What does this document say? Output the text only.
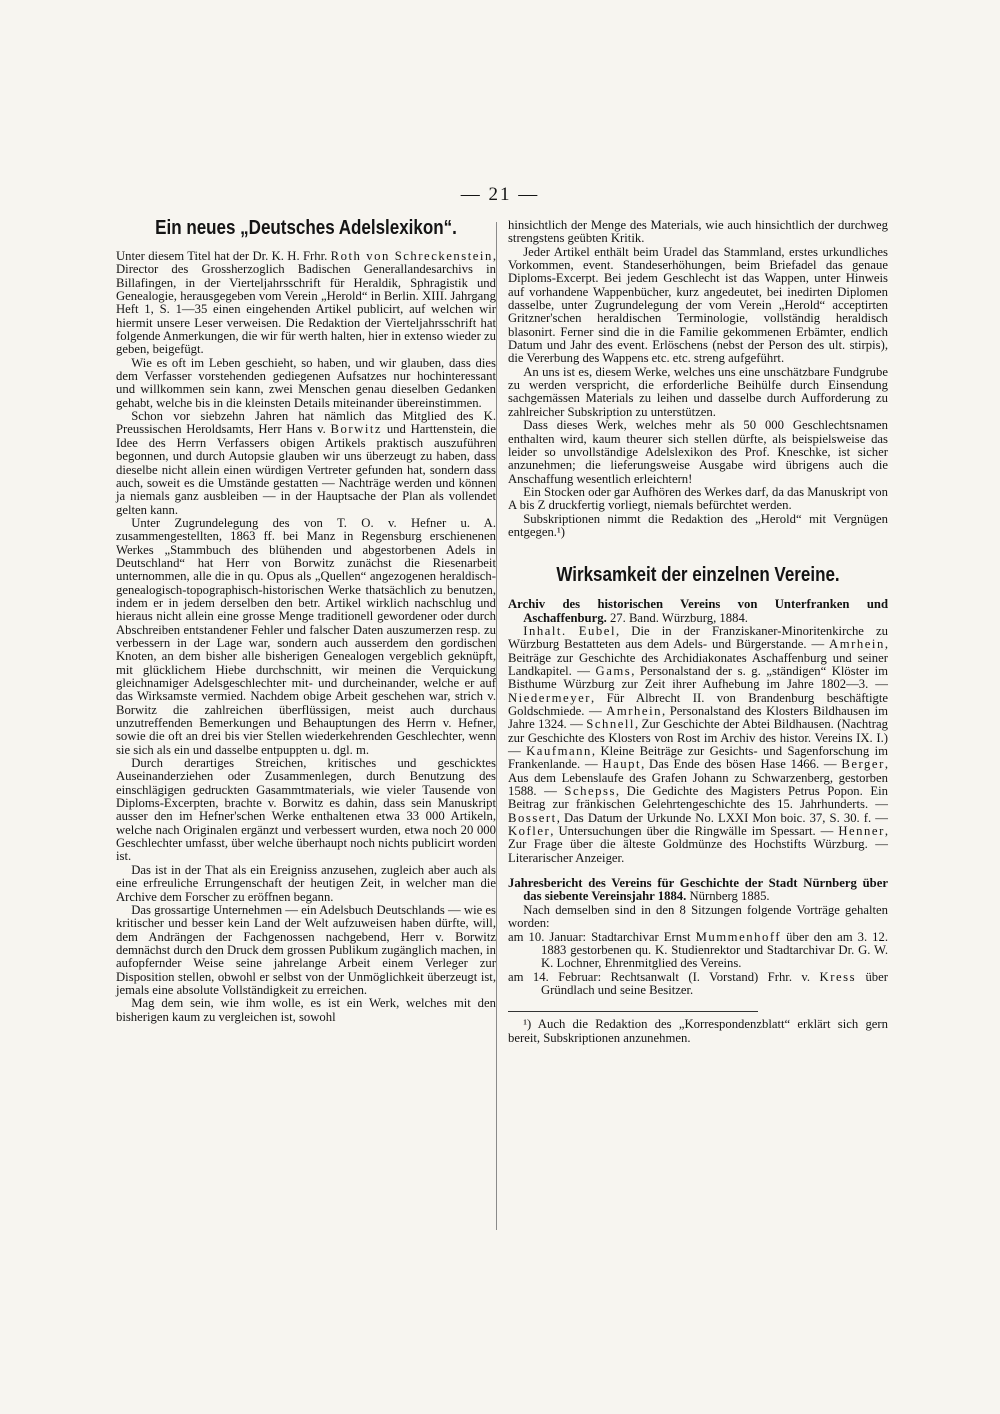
— 21 —
Ein neues „Deutsches Adelslexikon“.

Unter diesem Titel hat der Dr. K. H. Frhr. Roth von Schreckenstein, Director des Grossherzoglich Badischen Generallandesarchivs in Billafingen, in der Vierteljahrsschrift für Heraldik, Sphragistik und Genealogie, herausgegeben vom Verein „Herold“ in Berlin. XIII. Jahrgang Heft 1, S. 1—35 einen eingehenden Artikel publicirt, auf welchen wir hiermit unsere Leser verweisen. Die Redaktion der Vierteljahrsschrift hat folgende Anmerkungen, die wir für werth halten, hier in extenso wieder zu geben, beigefügt.

Wie es oft im Leben geschieht, so haben, und wir glauben, dass dies dem Verfasser vorstehenden gediegenen Aufsatzes nur hochinteressant und willkommen sein kann, zwei Menschen genau dieselben Gedanken gehabt, welche bis in die kleinsten Details miteinander übereinstimmen.

Schon vor siebzehn Jahren hat nämlich das Mitglied des K. Preussischen Heroldsamts, Herr Hans v. Borwitz und Harttenstein, die Idee des Herrn Verfassers obigen Artikels praktisch auszuführen begonnen, und durch Autopsie glauben wir uns überzeugt zu haben, dass dieselbe nicht allein einen würdigen Vertreter gefunden hat, sondern dass auch, soweit es die Umstände gestatten — Nachträge werden und können ja niemals ganz ausbleiben — in der Hauptsache der Plan als vollendet gelten kann.

Unter Zugrundelegung des von T. O. v. Hefner u. A. zusammengestellten, 1863 ff. bei Manz in Regensburg erschienenen Werkes „Stammbuch des blühenden und abgestorbenen Adels in Deutschland“ hat Herr von Borwitz zunächst die Riesenarbeit unternommen, alle die in qu. Opus als „Quellen“ angezogenen heraldisch-genealogisch-topographisch-historischen Werke thatsächlich zu benutzen, indem er in jedem derselben den betr. Artikel wirklich nachschlug und hieraus nicht allein eine grosse Menge traditionell gewordener oder durch Abschreiben entstandener Fehler und falscher Daten auszumerzen resp. zu verbessern in der Lage war, sondern auch ausserdem den gordischen Knoten, an dem bisher alle bisherigen Genealogen vergeblich geknüpft, mit glücklichem Hiebe durchschnitt, wir meinen die Verquickung gleichnamiger Adelsgeschlechter mit- und durcheinander, welche er auf das Wirksamste vermied. Nachdem obige Arbeit geschehen war, strich v. Borwitz die zahlreichen überflüssigen, meist auch durchaus unzutreffenden Bemerkungen und Behauptungen des Herrn v. Hefner, sowie die oft an drei bis vier Stellen wiederkehrenden Geschlechter, wenn sie sich als ein und dasselbe entpuppten u. dgl. m.

Durch derartiges Streichen, kritisches und geschicktes Auseinanderziehen oder Zusammenlegen, durch Benutzung des einschlägigen gedruckten Gasammtmaterials, wie vieler Tausende von Diploms-Excerpten, brachte v. Borwitz es dahin, dass sein Manuskript ausser den im Hefner'schen Werke enthaltenen etwa 33 000 Artikeln, welche nach Originalen ergänzt und verbessert wurden, etwa noch 20 000 Geschlechter umfasst, über welche überhaupt noch nichts publicirt worden ist.

Das ist in der That als ein Ereigniss anzusehen, zugleich aber auch als eine erfreuliche Errungenschaft der heutigen Zeit, in welcher man die Archive dem Forscher zu eröffnen begann.

Das grossartige Unternehmen — ein Adelsbuch Deutschlands — wie es kritischer und besser kein Land der Welt aufzuweisen haben dürfte, will, dem Andrängen der Fachgenossen nachgebend, Herr v. Borwitz demnächst durch den Druck dem grossen Publikum zugänglich machen, in aufopfernder Weise seine jahrelange Arbeit einem Verleger zur Disposition stellen, obwohl er selbst von der Unmöglichkeit überzeugt ist, jemals eine absolute Vollständigkeit zu erreichen.

Mag dem sein, wie ihm wolle, es ist ein Werk, welches mit den bisherigen kaum zu vergleichen ist, sowohl

hinsichtlich der Menge des Materials, wie auch hinsichtlich der durchweg strengstens geübten Kritik.

Jeder Artikel enthält beim Uradel das Stammland, erstes urkundliches Vorkommen, event. Standeserhöhungen, beim Briefadel das genaue Diploms-Excerpt. Bei jedem Geschlecht ist das Wappen, unter Hinweis auf vorhandene Wappenbücher, kurz angedeutet, bei inedirten Diplomen dasselbe, unter Zugrundelegung der vom Verein „Herold“ acceptirten Gritzner'schen heraldischen Terminologie, vollständig heraldisch blasonirt. Ferner sind die in die Familie gekommenen Erbämter, endlich Datum und Jahr des event. Erlöschens (nebst der Person des ult. stirpis), die Vererbung des Wappens etc. etc. streng aufgeführt.

An uns ist es, diesem Werke, welches uns eine unschätzbare Fundgrube zu werden verspricht, die erforderliche Beihülfe durch Einsendung sachgemässen Materials zu leihen und dasselbe durch Aufforderung zu zahlreicher Subskription zu unterstützen.

Dass dieses Werk, welches mehr als 50 000 Geschlechtsnamen enthalten wird, kaum theurer sich stellen dürfte, als beispielsweise das leider so unvollständige Adelslexikon des Prof. Kneschke, ist sicher anzunehmen; die lieferungsweise Ausgabe wird übrigens auch die Anschaffung wesentlich erleichtern!

Ein Stocken oder gar Aufhören des Werkes darf, da das Manuskript von A bis Z druckfertig vorliegt, niemals befürchtet werden.

Subskriptionen nimmt die Redaktion des „Herold“ mit Vergnügen entgegen.¹)

Wirksamkeit der einzelnen Vereine.

Archiv des historischen Vereins von Unterfranken und Aschaffenburg. 27. Band. Würzburg, 1884.

Inhalt. Eubel, Die in der Franziskaner-Minoritenkirche zu Würzburg Bestatteten aus dem Adels- und Bürgerstande. — Amrhein, Beiträge zur Geschichte des Archidiakonates Aschaffenburg und seiner Landkapitel. — Gams, Personalstand der s. g. „ständigen“ Klöster im Bisthume Würzburg zur Zeit ihrer Aufhebung im Jahre 1802—3. — Niedermeyer, Für Albrecht II. von Brandenburg beschäftigte Goldschmiede. — Amrhein, Personalstand des Klosters Bildhausen im Jahre 1324. — Schnell, Zur Geschichte der Abtei Bildhausen. (Nachtrag zur Geschichte des Klosters von Rost im Archiv des histor. Vereins IX. I.) — Kaufmann, Kleine Beiträge zur Gesichts- und Sagenforschung im Frankenlande. — Haupt, Das Ende des bösen Hase 1466. — Berger, Aus dem Lebenslaufe des Grafen Johann zu Schwarzenberg, gestorben 1588. — Schepss, Die Gedichte des Magisters Petrus Popon. Ein Beitrag zur fränkischen Gelehrtengeschichte des 15. Jahrhunderts. — Bossert, Das Datum der Urkunde No. LXXI Mon boic. 37, S. 30. f. — Kofler, Untersuchungen über die Ringwälle im Spessart. — Henner, Zur Frage über die älteste Goldmünze des Hochstifts Würzburg. — Literarischer Anzeiger.

Jahresbericht des Vereins für Geschichte der Stadt Nürnberg über das siebente Vereinsjahr 1884. Nürnberg 1885.

Nach demselben sind in den 8 Sitzungen folgende Vorträge gehalten worden:

am 10. Januar: Stadtarchivar Ernst Mummenhoff über den am 3. 12. 1883 gestorbenen qu. K. Studienrektor und Stadtarchivar Dr. G. W. K. Lochner, Ehrenmitglied des Vereins.

am 14. Februar: Rechtsanwalt (I. Vorstand) Frhr. v. Kress über Gründlach und seine Besitzer.

¹) Auch die Redaktion des „Korrespondenzblatt“ erklärt sich gern bereit, Subskriptionen anzunehmen.
